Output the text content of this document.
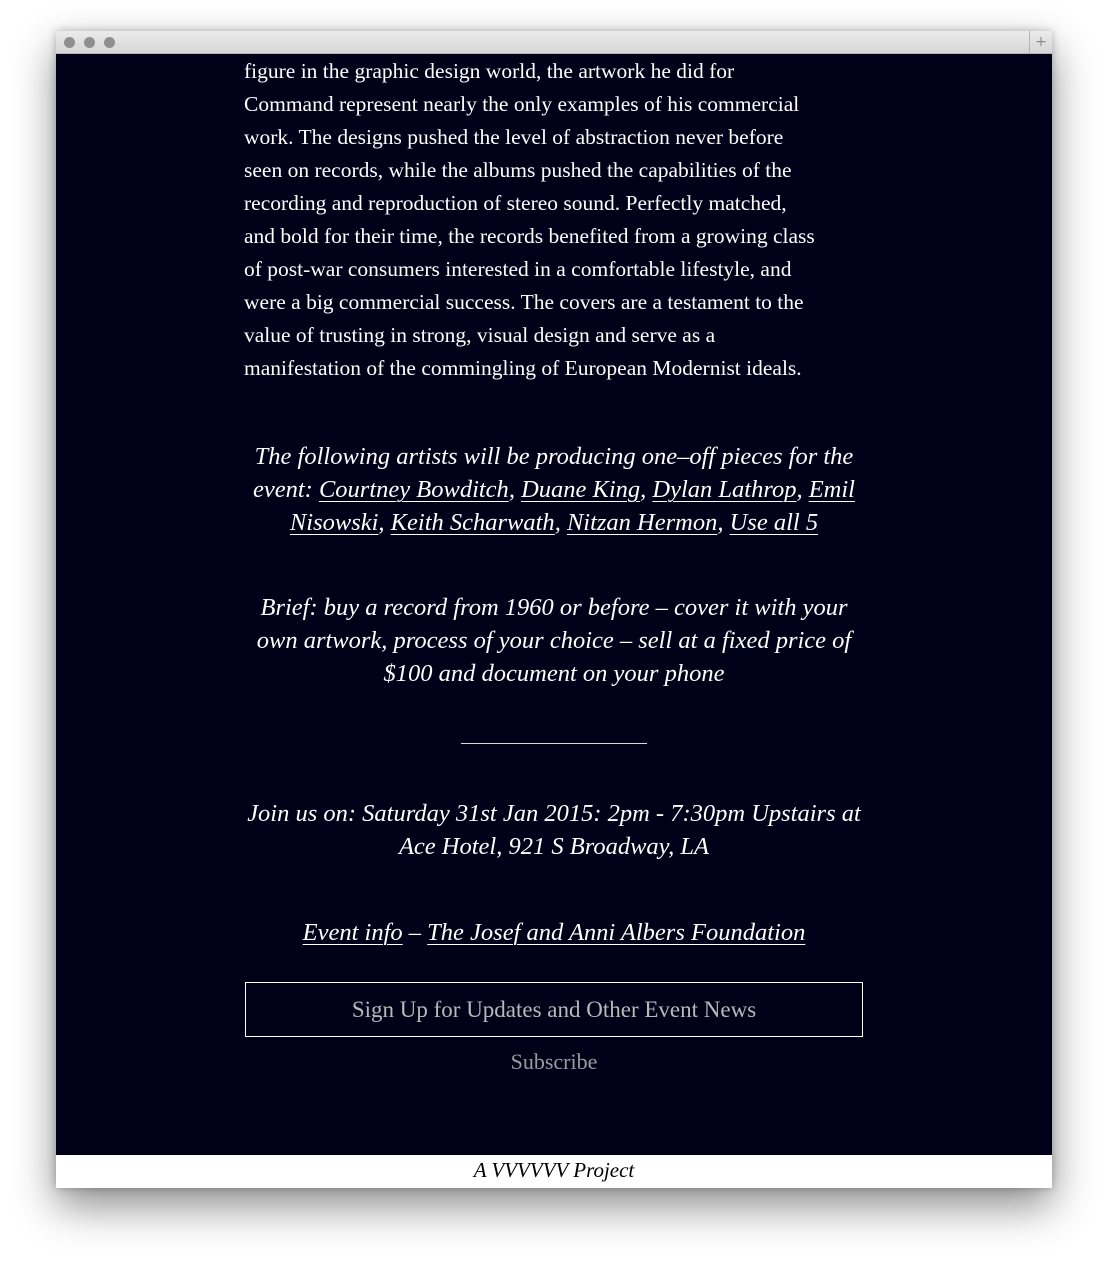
+
figure in the graphic design world, the artwork he did for
Command represent nearly the only examples of his commercial
work. The designs pushed the level of abstraction never before
seen on records, while the albums pushed the capabilities of the
recording and reproduction of stereo sound. Perfectly matched,
and bold for their time, the records benefited from a growing class
of post-war consumers interested in a comfortable lifestyle, and
were a big commercial success. The covers are a testament to the
value of trusting in strong, visual design and serve as a
manifestation of the commingling of European Modernist ideals.

The following artists will be producing one–off pieces for the event: Courtney Bowditch, Duane King, Dylan Lathrop, Emil Nisowski, Keith Scharwath, Nitzan Hermon, Use all 5

Brief: buy a record from 1960 or before – cover it with your own artwork, process of your choice – sell at a fixed price of $100 and document on your phone

Join us on: Saturday 31st Jan 2015: 2pm - 7:30pm Upstairs at Ace Hotel, 921 S Broadway, LA

Event info – The Josef and Anni Albers Foundation

Sign Up for Updates and Other Event News
Subscribe
A VVVVVV Project
